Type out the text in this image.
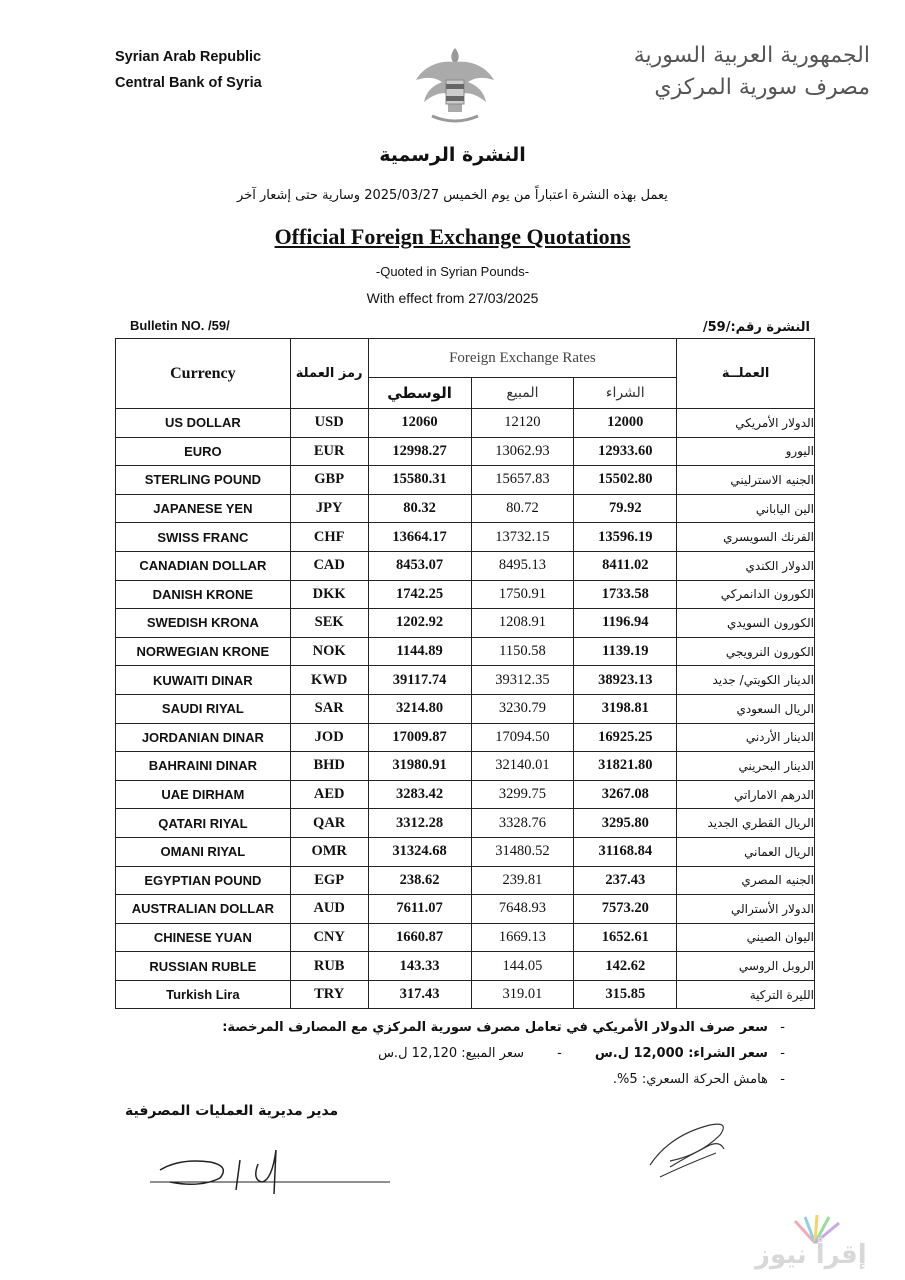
Syrian Arab Republic
Central Bank of Syria
الجمهورية العربية السورية
مصرف سورية المركزي
النشرة الرسمية
يعمل بهذه النشرة اعتباراً من يوم الخميس 2025/03/27 وسارية حتى إشعار آخر
Official Foreign Exchange Quotations
-Quoted in Syrian Pounds-
With effect from 27/03/2025
Bulletin NO. /59/	النشرة رقم:/59/
Currency	رمز العملة	Foreign Exchange Rates			العملــة
		الوسطي	المبيع	الشراء	
US DOLLAR	USD	12060	12120	12000	الدولار الأمريكي
EURO	EUR	12998.27	13062.93	12933.60	اليورو
STERLING POUND	GBP	15580.31	15657.83	15502.80	الجنيه الاسترليني
JAPANESE YEN	JPY	80.32	80.72	79.92	الين الياباني
SWISS FRANC	CHF	13664.17	13732.15	13596.19	الفرنك السويسري
CANADIAN DOLLAR	CAD	8453.07	8495.13	8411.02	الدولار الكندي
DANISH KRONE	DKK	1742.25	1750.91	1733.58	الكورون الدانمركي
SWEDISH KRONA	SEK	1202.92	1208.91	1196.94	الكورون السويدي
NORWEGIAN KRONE	NOK	1144.89	1150.58	1139.19	الكورون النرويجي
KUWAITI DINAR	KWD	39117.74	39312.35	38923.13	الدينار الكويتي/ جديد
SAUDI RIYAL	SAR	3214.80	3230.79	3198.81	الريال السعودي
JORDANIAN DINAR	JOD	17009.87	17094.50	16925.25	الدينار الأردني
BAHRAINI DINAR	BHD	31980.91	32140.01	31821.80	الدينار البحريني
UAE DIRHAM	AED	3283.42	3299.75	3267.08	الدرهم الاماراتي
QATARI RIYAL	QAR	3312.28	3328.76	3295.80	الريال القطري الجديد
OMANI RIYAL	OMR	31324.68	31480.52	31168.84	الريال العماني
EGYPTIAN POUND	EGP	238.62	239.81	237.43	الجنيه المصري
AUSTRALIAN DOLLAR	AUD	7611.07	7648.93	7573.20	الدولار الأسترالي
CHINESE YUAN	CNY	1660.87	1669.13	1652.61	اليوان الصيني
RUSSIAN RUBLE	RUB	143.33	144.05	142.62	الروبل الروسي
Turkish Lira	TRY	317.43	319.01	315.85	الليرة التركية
-   سعر صرف الدولار الأمريكي في تعامل مصرف سورية المركزي مع المصارف المرخصة:
-   سعر الشراء: 12,000 ل.س        -        سعر المبيع: 12,120 ل.س
-   هامش الحركة السعري: 5%.
مدير مديرية العمليات المصرفية
إقرأ نيوز
